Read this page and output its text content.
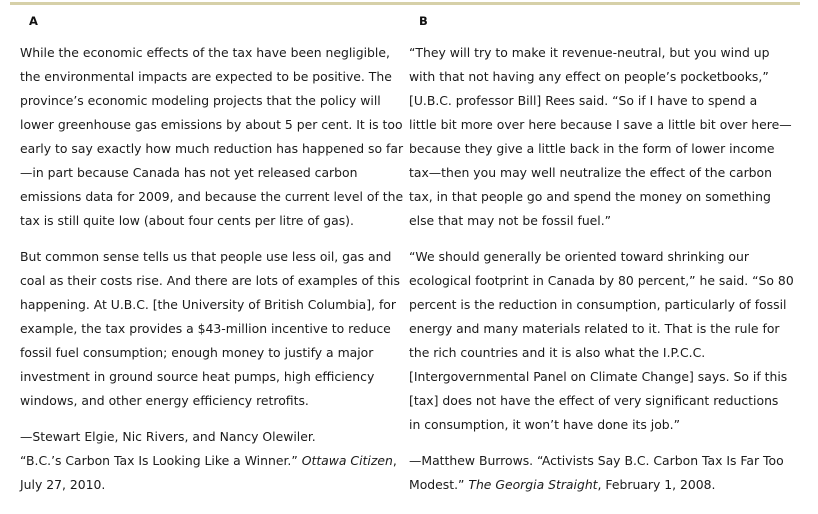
A
While the economic effects of the tax have been negligible,
the environmental impacts are expected to be positive. The
province’s economic modeling projects that the policy will
lower greenhouse gas emissions by about 5 per cent. It is too
early to say exactly how much reduction has happened so far
—in part because Canada has not yet released carbon
emissions data for 2009, and because the current level of the
tax is still quite low (about four cents per litre of gas).
But common sense tells us that people use less oil, gas and
coal as their costs rise. And there are lots of examples of this
happening. At U.B.C. [the University of British Columbia], for
example, the tax provides a $43-million incentive to reduce
fossil fuel consumption; enough money to justify a major
investment in ground source heat pumps, high efficiency
windows, and other energy efficiency retrofits.
—Stewart Elgie, Nic Rivers, and Nancy Olewiler.
“B.C.’s Carbon Tax Is Looking Like a Winner.” Ottawa Citizen,
July 27, 2010.
B
“They will try to make it revenue-neutral, but you wind up
with that not having any effect on people’s pocketbooks,”
[U.B.C. professor Bill] Rees said. “So if I have to spend a
little bit more over here because I save a little bit over here—
because they give a little back in the form of lower income
tax—then you may well neutralize the effect of the carbon
tax, in that people go and spend the money on something
else that may not be fossil fuel.”
“We should generally be oriented toward shrinking our
ecological footprint in Canada by 80 percent,” he said. “So 80
percent is the reduction in consumption, particularly of fossil
energy and many materials related to it. That is the rule for
the rich countries and it is also what the I.P.C.C.
[Intergovernmental Panel on Climate Change] says. So if this
[tax] does not have the effect of very significant reductions
in consumption, it won’t have done its job.”
—Matthew Burrows. “Activists Say B.C. Carbon Tax Is Far Too
Modest.” The Georgia Straight, February 1, 2008.
